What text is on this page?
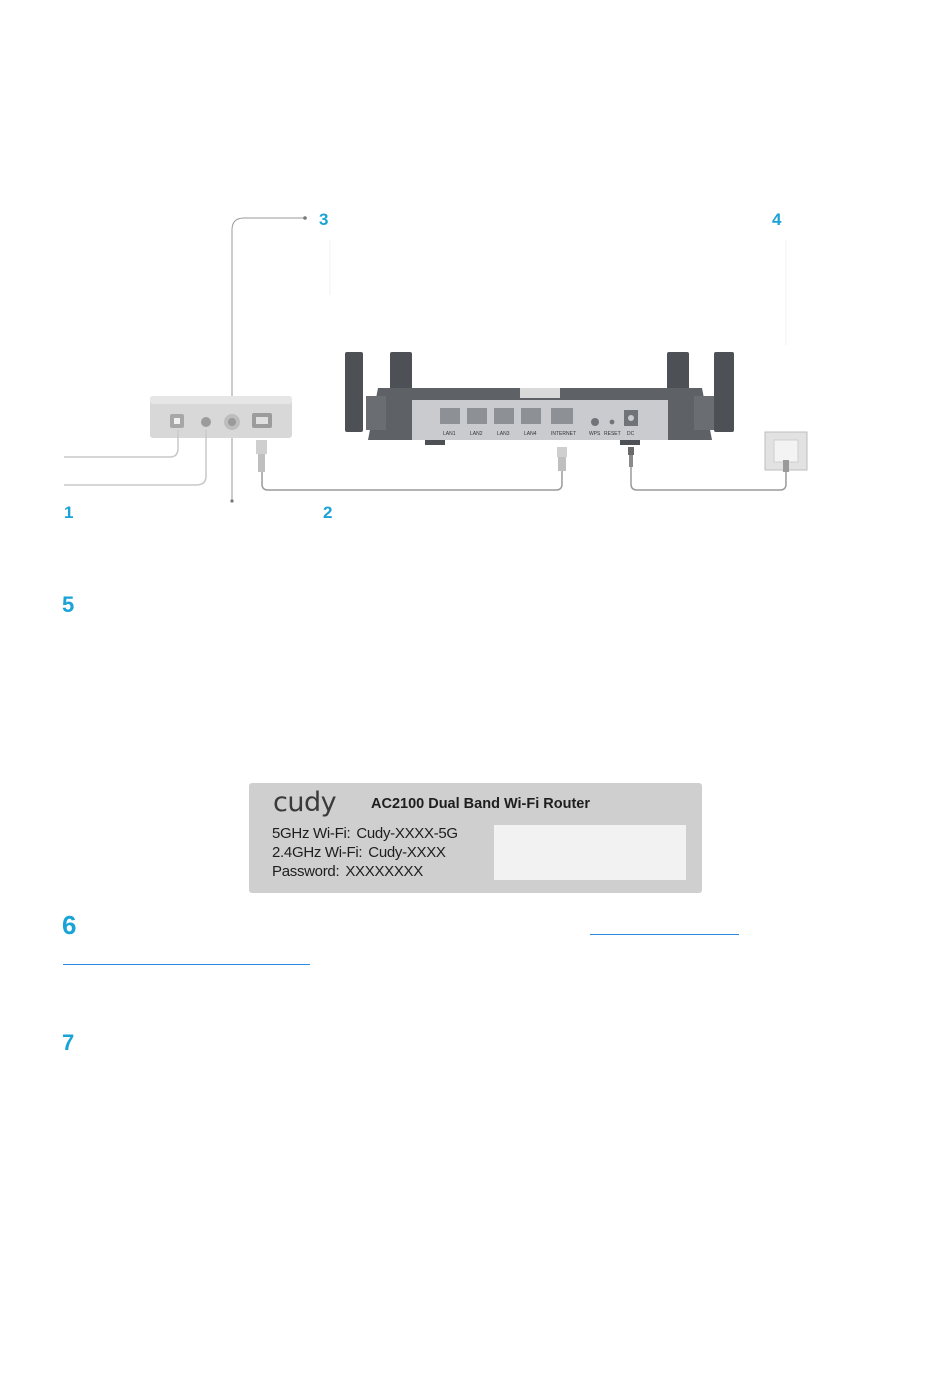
3	4
1	2
5
6
7
LAN1	LAN2	LAN3	LAN4	INTERNET	WPS RESET DC
cudy AC2100 Dual Band Wi-Fi Router
5GHz Wi-Fi: Cudy-XXXX-5G
2.4GHz Wi-Fi: Cudy-XXXX
Password: XXXXXXXX
